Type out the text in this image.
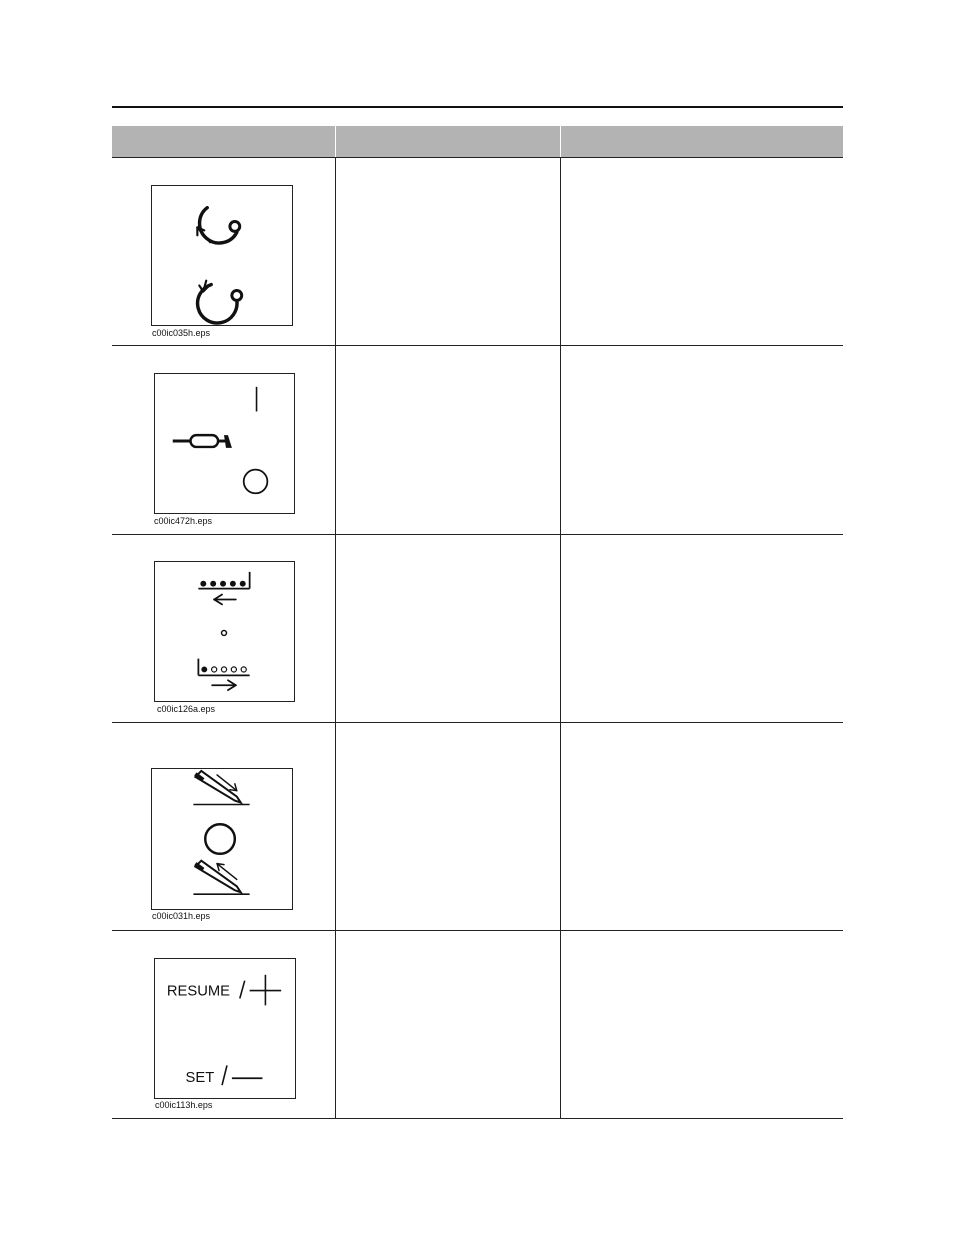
c00ic035h.eps
c00ic472h.eps
c00ic126a.eps
c00ic031h.eps
RESUME
SET
c00ic113h.eps
